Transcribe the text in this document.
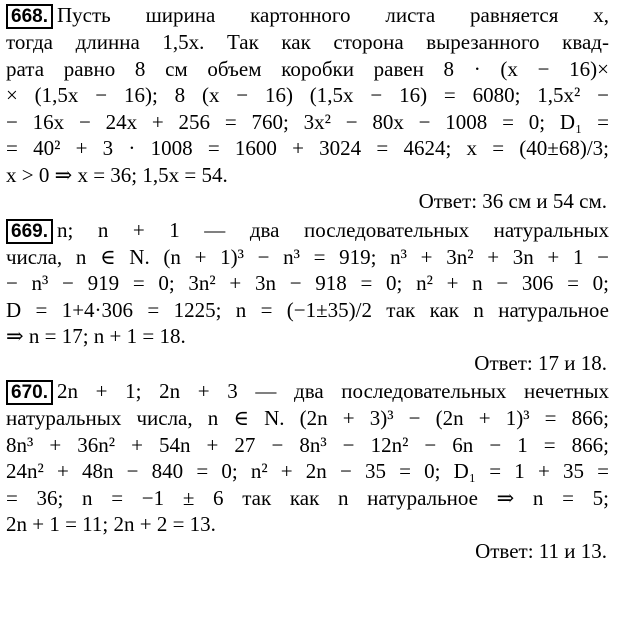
668. Пусть ширина картонного листа равняется x,
тогда длинна 1,5x. Так как сторона вырезанного квад-
рата равно 8 см объем коробки равен 8 · (x − 16)×
× (1,5x − 16); 8 (x − 16) (1,5x − 16) = 6080; 1,5x² −
− 16x − 24x + 256 = 760; 3x² − 80x − 1008 = 0; D₁ =
= 40² + 3 · 1008 = 1600 + 3024 = 4624; x = (40±68)/3;
x > 0 ⇒ x = 36; 1,5x = 54.
Ответ: 36 см и 54 см.
669. n; n + 1 — два последовательных натуральных
числа, n ∈ N. (n + 1)³ − n³ = 919; n³ + 3n² + 3n + 1 −
− n³ − 919 = 0; 3n² + 3n − 918 = 0; n² + n − 306 = 0;
D = 1+4·306 = 1225; n = (−1±35)/2 так как n натуральное
⇒ n = 17; n + 1 = 18.
Ответ: 17 и 18.
670. 2n + 1; 2n + 3 — два последовательных нечетных
натуральных числа, n ∈ N. (2n + 3)³ − (2n + 1)³ = 866;
8n³ + 36n² + 54n + 27 − 8n³ − 12n² − 6n − 1 = 866;
24n² + 48n − 840 = 0; n² + 2n − 35 = 0; D₁ = 1 + 35 =
= 36; n = −1 ± 6 так как n натуральное ⇒ n = 5;
2n + 1 = 11; 2n + 2 = 13.
Ответ: 11 и 13.
